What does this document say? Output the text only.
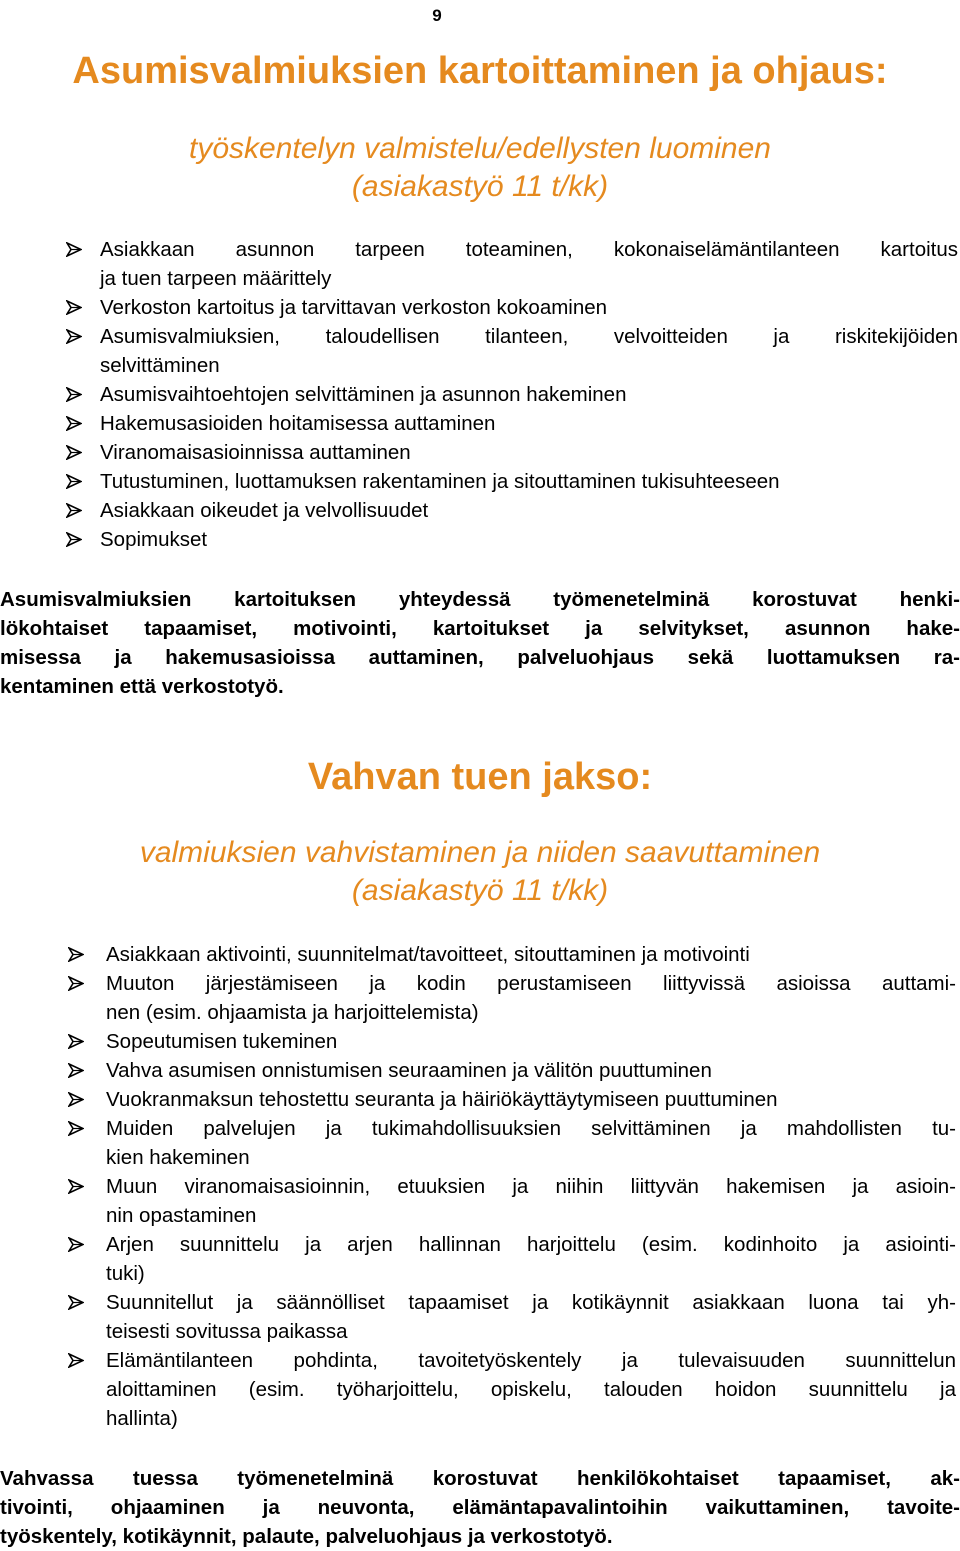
9
Asumisvalmiuksien kartoittaminen ja ohjaus:
työskentelyn valmistelu/edellysten luominen
(asiakastyö 11 t/kk)
Asiakkaan asunnon tarpeen toteaminen, kokonaiselämäntilanteen kartoitus
ja tuen tarpeen määrittely
Verkoston kartoitus ja tarvittavan verkoston kokoaminen
Asumisvalmiuksien, taloudellisen tilanteen, velvoitteiden ja riskitekijöiden
selvittäminen
Asumisvaihtoehtojen selvittäminen ja asunnon hakeminen
Hakemusasioiden hoitamisessa auttaminen
Viranomaisasioinnissa auttaminen
Tutustuminen, luottamuksen rakentaminen ja sitouttaminen tukisuhteeseen
Asiakkaan oikeudet ja velvollisuudet
Sopimukset
Asumisvalmiuksien kartoituksen yhteydessä työmenetelminä korostuvat henki-
lökohtaiset tapaamiset, motivointi, kartoitukset ja selvitykset, asunnon hake-
misessa ja hakemusasioissa auttaminen, palveluohjaus sekä luottamuksen ra-
kentaminen että verkostotyö.
Vahvan tuen jakso:
valmiuksien vahvistaminen ja niiden saavuttaminen
(asiakastyö 11 t/kk)
Asiakkaan aktivointi, suunnitelmat/tavoitteet, sitouttaminen ja motivointi
Muuton järjestämiseen ja kodin perustamiseen liittyvissä asioissa auttami-
nen (esim. ohjaamista ja harjoittelemista)
Sopeutumisen tukeminen
Vahva asumisen onnistumisen seuraaminen ja välitön puuttuminen
Vuokranmaksun tehostettu seuranta ja häiriökäyttäytymiseen puuttuminen
Muiden palvelujen ja tukimahdollisuuksien selvittäminen ja mahdollisten tu-
kien hakeminen
Muun viranomaisasioinnin, etuuksien ja niihin liittyvän hakemisen ja asioin-
nin opastaminen
Arjen suunnittelu ja arjen hallinnan harjoittelu (esim. kodinhoito ja asiointi-
tuki)
Suunnitellut ja säännölliset tapaamiset ja kotikäynnit asiakkaan luona tai yh-
teisesti sovitussa paikassa
Elämäntilanteen pohdinta, tavoitetyöskentely ja tulevaisuuden suunnittelun
aloittaminen (esim. työharjoittelu, opiskelu, talouden hoidon suunnittelu ja
hallinta)
Vahvassa tuessa työmenetelminä korostuvat henkilökohtaiset tapaamiset, ak-
tivointi, ohjaaminen ja neuvonta, elämäntapavalintoihin vaikuttaminen, tavoite-
työskentely, kotikäynnit, palaute, palveluohjaus ja verkostotyö.
